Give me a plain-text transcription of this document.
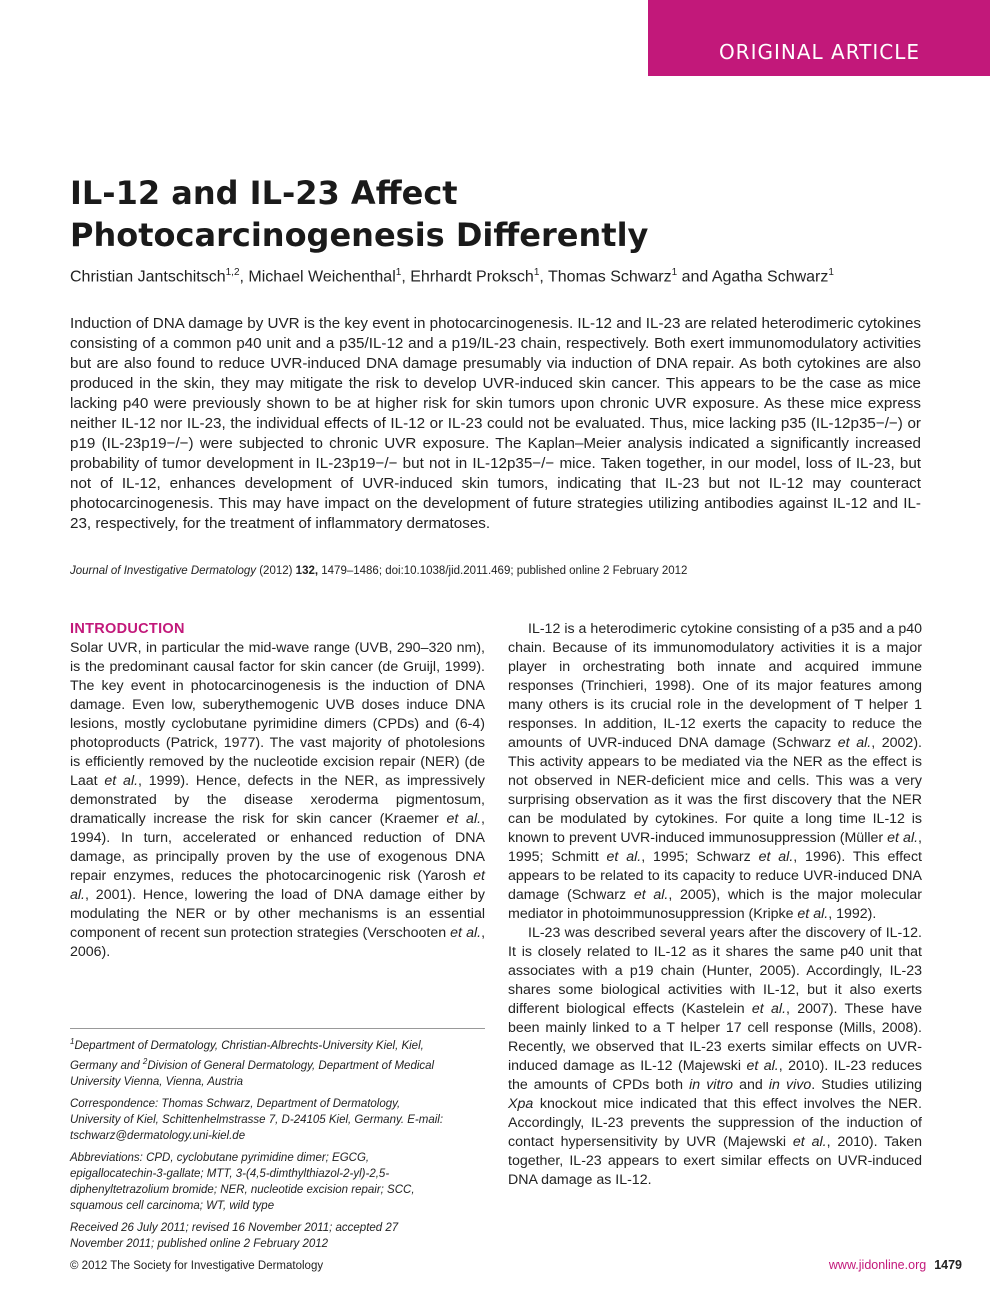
ORIGINAL ARTICLE
IL-12 and IL-23 Affect Photocarcinogenesis Differently
Christian Jantschitsch$^{1,2}$, Michael Weichenthal$^1$, Ehrhardt Proksch$^1$, Thomas Schwarz$^1$ and Agatha Schwarz$^1$

Induction of DNA damage by UVR is the key event in photocarcinogenesis. IL-12 and IL-23 are related heterodimeric cytokines consisting of a common p40 unit and a p35/IL-12 and a p19/IL-23 chain, respectively. Both exert immunomodulatory activities but are also found to reduce UVR-induced DNA damage presumably via induction of DNA repair. As both cytokines are also produced in the skin, they may mitigate the risk to develop UVR-induced skin cancer. This appears to be the case as mice lacking p40 were previously shown to be at higher risk for skin tumors upon chronic UVR exposure. As these mice express neither IL-12 nor IL-23, the individual effects of IL-12 or IL-23 could not be evaluated. Thus, mice lacking p35 (IL-12p35−/−) or p19 (IL-23p19−/−) were subjected to chronic UVR exposure. The Kaplan–Meier analysis indicated a significantly increased probability of tumor development in IL-23p19−/− but not in IL-12p35−/− mice. Taken together, in our model, loss of IL-23, but not of IL-12, enhances development of UVR-induced skin tumors, indicating that IL-23 but not IL-12 may counteract photocarcinogenesis. This may have impact on the development of future strategies utilizing antibodies against IL-12 and IL-23, respectively, for the treatment of inflammatory dermatoses.

Journal of Investigative Dermatology (2012) 132, 1479–1486; doi:10.1038/jid.2011.469; published online 2 February 2012
INTRODUCTION

Solar UVR, in particular the mid-wave range (UVB, 290–320 nm), is the predominant causal factor for skin cancer (de Gruijl, 1999). The key event in photocarcinogenesis is the induction of DNA damage. Even low, suberythemogenic UVB doses induce DNA lesions, mostly cyclobutane pyrimidine dimers (CPDs) and (6-4) photoproducts (Patrick, 1977). The vast majority of photolesions is efficiently removed by the nucleotide excision repair (NER) (de Laat et al., 1999). Hence, defects in the NER, as impressively demonstrated by the disease xeroderma pigmentosum, dramatically increase the risk for skin cancer (Kraemer et al., 1994). In turn, accelerated or enhanced reduction of DNA damage, as principally proven by the use of exogenous DNA repair enzymes, reduces the photocarcinogenic risk (Yarosh et al., 2001). Hence, lowering the load of DNA damage either by modulating the NER or by other mechanisms is an essential component of recent sun protection strategies (Verschooten et al., 2006).

IL-12 is a heterodimeric cytokine consisting of a p35 and a p40 chain. Because of its immunomodulatory activities it is a major player in orchestrating both innate and acquired immune responses (Trinchieri, 1998). One of its major features among many others is its crucial role in the development of T helper 1 responses. In addition, IL-12 exerts the capacity to reduce the amounts of UVR-induced DNA damage (Schwarz et al., 2002). This activity appears to be mediated via the NER as the effect is not observed in NER-deficient mice and cells. This was a very surprising observation as it was the first discovery that the NER can be modulated by cytokines. For quite a long time IL-12 is known to prevent UVR-induced immunosuppression (Müller et al., 1995; Schmitt et al., 1995; Schwarz et al., 1996). This effect appears to be related to its capacity to reduce UVR-induced DNA damage (Schwarz et al., 2005), which is the major molecular mediator in photoimmunosuppression (Kripke et al., 1992).

IL-23 was described several years after the discovery of IL-12. It is closely related to IL-12 as it shares the same p40 unit that associates with a p19 chain (Hunter, 2005). Accordingly, IL-23 shares some biological activities with IL-12, but it also exerts different biological effects (Kastelein et al., 2007). These have been mainly linked to a T helper 17 cell response (Mills, 2008). Recently, we observed that IL-23 exerts similar effects on UVR-induced damage as IL-12 (Majewski et al., 2010). IL-23 reduces the amounts of CPDs both in vitro and in vivo. Studies utilizing Xpa knockout mice indicated that this effect involves the NER. Accordingly, IL-23 prevents the suppression of the induction of contact hypersensitivity by UVR (Majewski et al., 2010). Taken together, IL-23 appears to exert similar effects on UVR-induced DNA damage as IL-12.

$^1$Department of Dermatology, Christian-Albrechts-University Kiel, Kiel, Germany and $^2$Division of General Dermatology, Department of Medical University Vienna, Vienna, Austria

Correspondence: Thomas Schwarz, Department of Dermatology, University of Kiel, Schittenhelmstrasse 7, D-24105 Kiel, Germany. E-mail: tschwarz@dermatology.uni-kiel.de

Abbreviations: CPD, cyclobutane pyrimidine dimer; EGCG, epigallocatechin-3-gallate; MTT, 3-(4,5-dimthylthiazol-2-yl)-2,5-diphenyltetrazolium bromide; NER, nucleotide excision repair; SCC, squamous cell carcinoma; WT, wild type

Received 26 July 2011; revised 16 November 2011; accepted 27 November 2011; published online 2 February 2012

© 2012 The Society for Investigative Dermatology	www.jidonline.org 1479
